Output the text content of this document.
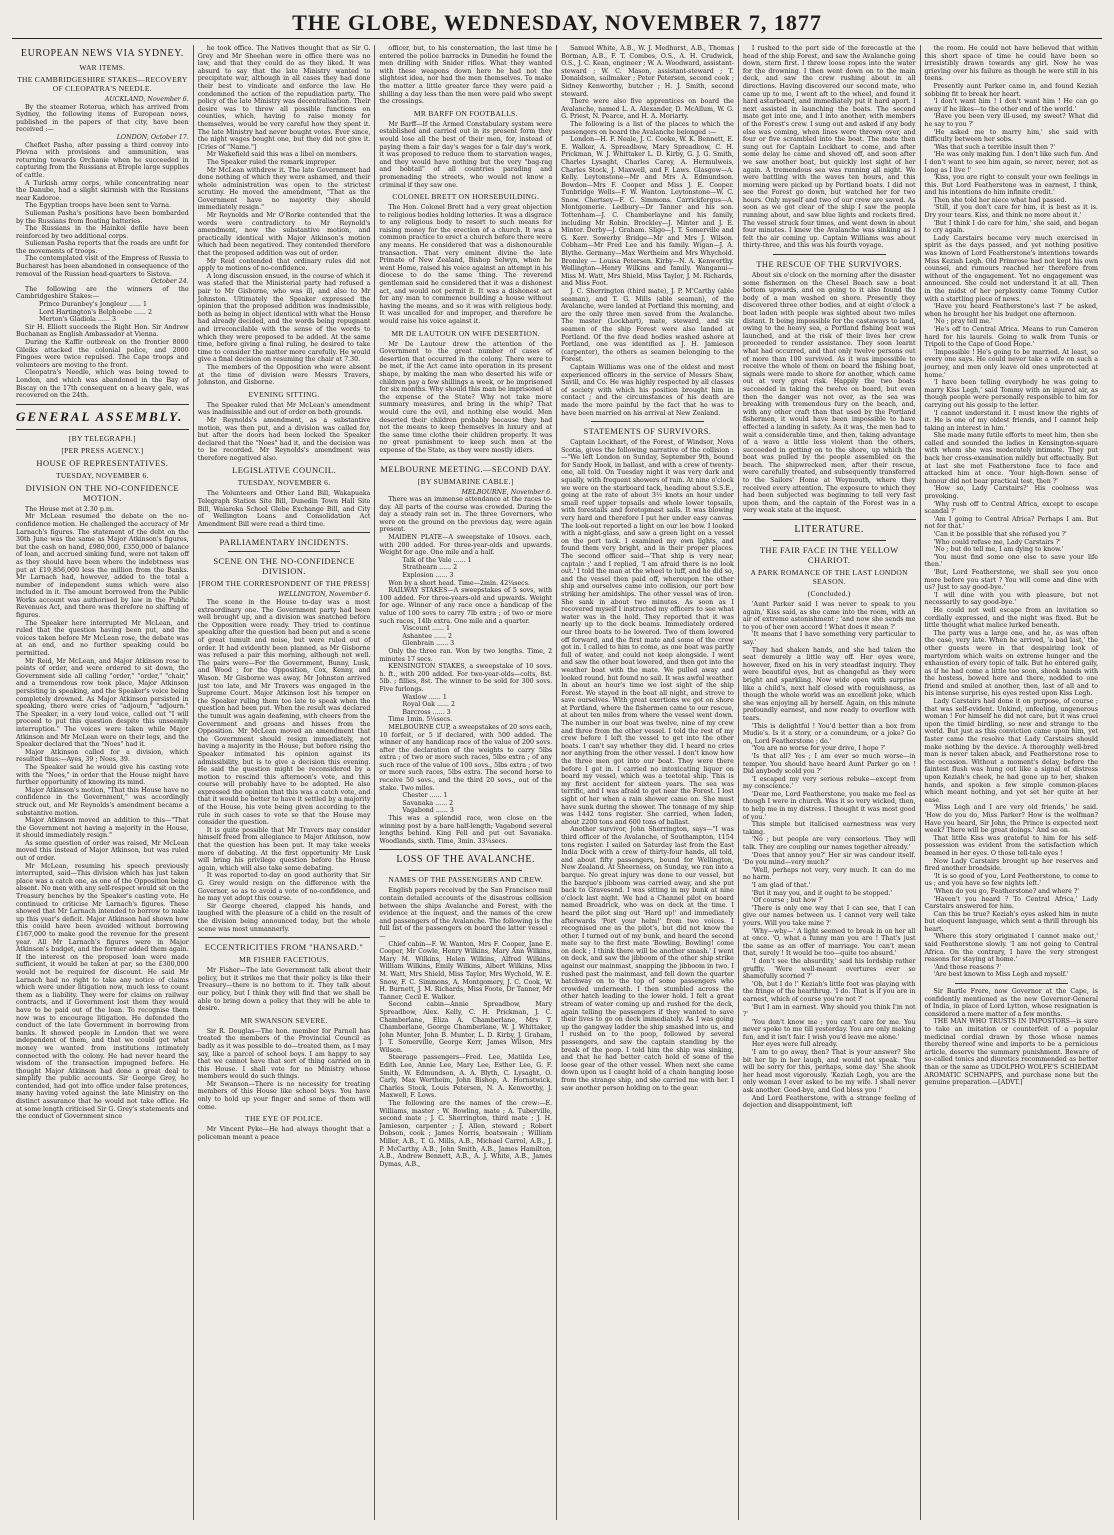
THE GLOBE, WEDNESDAY, NOVEMBER 7, 1877
EUROPEAN NEWS VIA SYDNEY.
WAR ITEMS.
THE CAMBRIDGESHIRE STAKES—RECOVERY OF CLEOPATRA'S NEEDLE.

AUCKLAND, November 6.

By the steamer Rotorua, which has arrived from Sydney, the following items of European news, published in the papers of that city, have been received :—

LONDON, October 17.

Chefket Pasha, after passing a third convoy into Plevna with provisions and ammunition, was returning towards Orchanie when he succeeded in capturing from the Russians at Etrople large supplies of cattle.

A Turkish army corps, while concentrating near the Danube, had a slight skirmish with the Russians near Kadoroe.

The Egyptian troops have been sent to Varna.

Sulieman Pasha's positions have been bombarded by the Russians from floating batteries.

The Russians in the Hainkoi defile have been reinforced by two additional corps.

Sulieman Pasha reports that the roads are unfit for the movements of troops.

The contemplated visit of the Empress of Russia to Bucharest has been abandoned in consequence of the removal of the Russian head-quarters to Sistova.

October 24.

The following are the winners of the Cambridgeshire Stakes:—

Prince Duranbey's Jongleur ...... 1

Lord Hartington's Belphoebe ...... 2

Merton's Gladiola ...... 3

Sir H. Elliott succeeds the Right Hon. Sir Andrew Buchanan as English Ambassador at Vienna.

During the Kaffir outbreak on the frontier 8000 Gileiks attacked the colonial police, and 2000 Fingoes were twice repulsed. The Cape troops and volunteers are moving to the front.

Cleopatra's Needle, which was being towed to London, and which was abandoned in the Bay of Biscay on the 17th consequent on a heavy gale, was recovered on the 24th.

GENERAL ASSEMBLY.
[BY TELEGRAPH.]
[PER PRESS AGENCY.]
HOUSE OF REPRESENTATIVES.
TUESDAY, NOVEMBER 6.
DIVISION ON THE NO-CONFIDENCE MOTION.

The House met at 2.30 p.m.

Mr McLean resumed the debate on the no-confidence motion. He challenged the accuracy of Mr Larnach's figures. The statement of the debt on the 30th June was the same as Major Atkinson's figures, but the cash on hand, £980,000, £350,000 of balance of loan, and accrued sinking fund, were not taken off as they should have been where the indebtness was put at £19,856,000 less the million from the Banks. Mr Larnach had, however, added to the total a number of independent sums which were also included in it. The amount borrowed from the Public Works account was authorised by law in the Public Revenues Act, and there was therefore no shifting of figures.

The Speaker here interrupted Mr McLean, and ruled that the question having been put, and the voices taken before Mr McLean rose, the debate was at an end, and no further speaking could be permitted.

Mr Reid, Mr McLean, and Major Atkinson rose to points of order, and were ordered to sit down, the Government side all calling "order," "order," "chair," and a tremendous row took place, Major Atkinson persisting in speaking, and the Speaker's voice being completely drowned. As Major Atkinson persisted in speaking, there were cries of "adjourn," "adjourn." The Speaker, in a very loud voice, called out "I will proceed to put this question despite this unseemly interruption." The voices were taken while Major Atkinson and Mr McLean were on their legs, and the Speaker declared that the "Noes" had it.

Major Atkinson called for a division, which resulted thus:—Ayes, 39 ; Noes, 39.

The Speaker said he would give his casting vote with the "Noes," in order that the House might have further opportunity of knowing its mind.

Major Atkinson's motion, "That this House have no confidence in the Government," was accordingly struck out, and Mr Reynolds's amendment became a substantive motion.

Major Atkinson moved an addition to this—"That the Government not having a majority in the House, it should immediately resign."

As some question of order was raised, Mr McLean moved this instead of Major Atkinson, but was ruled out of order.

Mr McLean, resuming his speech previously interrupted, said—This division which has just taken place was a catch one, as one of the Opposition being absent. No men with any self-respect would sit on the Treasury benches by the Speaker's casting vote. He continued to criticise Mr Larnach's figures. These showed that Mr Larnach intended to borrow to make up this year's deficit. Major Atkinson had shown how this could have been avoided without borrowing £167,000 to make good the revenue for the present year. All Mr Larnach's figures were in Major Atkinson's budget, and the former added them again. If the interest on the proposed loan were made sufficient, it would be taken at par, so the £300,000 would not be required for discount. He said Mr Larnach had no right to take any notice of claims which were under litigation now, much less to count them as a liability. They were for claims on railway contracts, and if Government lost them they would have to be paid out of the loan. To recognise them now was to encourage litigation. He defended the conduct of the late Government in borrowing from banks. It showed people in London that we were independent of them, and that we could get what money we wanted from institutions intimately connected with the colony. He had never heard the wisdom of the transaction impugned before. He thought Major Atkinson had done a great deal to simplify the public accounts. Sir George Grey, he contended, had got into office under false pretences, many having voted against the late Ministry on the distinct assurance that he would not take office. He at some length criticised Sir G. Grey's statements and the conduct of Government since

he took office. The Natives thought that as Sir G. Grey and Mr Sheehan were in office there was no law, and that they could do as they liked. It was absurd to say that the late Ministry wanted to precipitate war, although in all cases they had done their best to vindicate and enforce the law. He condemned the action of the repudiation party. The policy of the late Ministry was decentralisation. Their desire was to throw all possible functions on counties, which, having to raise money for themselves, would be very careful how they spent it. The late Ministry had never bought votes. Ever since, the night wages bought one, but they did not give it. [Cries of "Name."]

Mr Wakefield said this was a libel on members.

The Speaker ruled the remark improper.

Mr McLean withdrew it. The late Government had done nothing of which they were ashamed, and their whole administration was open to the strictest scrutiny. He moved the amendment, "That as the Government have no majority they should immediately resign."

Mr Reynolds and Mr O'Rorke contended that the words were contradictory to Mr Reynold's amendment, now the substantive motion, and practically identical with Major Atkinson's motion which had been negatived. They contended therefore that the proposed addition was out of order.

Mr Reid contended that ordinary rules did not apply to motions of no-confidence.

A long discussion ensued, in the course of which it was stated that the Ministerial party had refused a pair to Mr Gisborne, who was ill, and also to Mr Johnston. Ultimately the Speaker expressed the opinion that the proposed addition was inadmissible, both as being in object identical with what the House had already decided, and the words being repugnant and irreconcilable with the sense of the words to which they were proposed to be added. At the same time, before giving a final ruling, he desired to take time to consider the matter more carefully. He would give a final decision on resuming the chair at 7.30.

The members of the Opposition who were absent at the time of division were Messrs Travers, Johnston, and Gisborne.

EVENING SITTING.

The Speaker ruled that Mr McLean's amendment was inadmissible and out of order on both grounds.

Mr Reynolds's amendment, as a substantive motion, was then put, and a division was called for, but after the doors had been locked the Speaker declared that the "Noes" had it, and the decision was to be recorded. Mr Reynolds's amendment was therefore negatived also.

LEGISLATIVE COUNCIL.
TUESDAY, NOVEMBER 6.

The Volunteers and Other Land Bill, Wakapuaka Telegraph Station Site Bill, Dunedin Town Hall Site Bill, Waiareka School Glebe Exchange Bill, and City of Wellington Loans and Consolidation Act Amendment Bill were read a third time.

PARLIAMENTARY INCIDENTS.
SCENE ON THE NO-CONFIDENCE DIVISION.
[FROM THE CORRESPONDENT OF THE PRESS]

WELLINGTON, November 6.

The scene in the House to-day was a most extraordinary one. The Government party had been well brought up, and a division was snatched before the Opposition were ready. They tried to continue speaking after the question had been put and a scene of great tumult and noise, but were ruled out of order. It had evidently been planned, as Mr Gisborne was refused a pair this morning, although not well. The pairs were—For the Government, Bunny, Lusk, and Wood ; for the Opposition, Cox, Kenny, and Wason. Mr Gisborne was away, Mr Johnston arrived just too late, and Mr Travers was engaged in the Supreme Court. Major Atkinson lost his temper on the Speaker ruling them too late to speak when the question had been put. When the result was declared the tumult was again deafening, with cheers from the Government and groans and hisses from the Opposition. Mr McLean moved an amendment that the Government should resign immediately, not having a majority in the House, but before rising the Speaker intimated his opinion against its admissibility, but is to give a decision this evening. He said the question might be reconsidered by a motion to rescind this afternoon's vote, and this course will probably have to be adopted. He also expressed the opinion that this was a catch vote, and that it would be better to have it settled by a majority of the House, his vote being given according to the rule in such cases to vote so that the House may consider the question.

It is quite possible that Mr Travers may consider himself freed from allegiance to Major Atkinson, now that the question has been put. It may take weeks more of debating. At the first opportunity Mr Lusk will bring his privilege question before the House again, which will also take some debating.

It was reported to-day on good authority that Sir G. Grey would resign on the difference with the Governor, so as to avoid a vote of no-confidence, and he may yet adopt this course.

Sir George cheered, clapped his hands, and laughed with the pleasure of a child on the result of the division being announced today, but the whole scene was most unmannerly.

ECCENTRICITIES FROM "HANSARD."
MR FISHER FACETIOUS.

Mr Fisher—The late Government talk about their policy, but it strikes me that their policy is like their Treasury—there is no bottom to it. They talk about our policy, but I think they will find that we shall be able to bring down a policy that they will be able to desire.

MR SWANSON SEVERE.

Sir R. Douglas—The hon. member for Parnell has treated the members of the Provincial Council as badly as it was possible to do—treated them, as I may say, like a parcel of school boys. I am happy to say that we cannot have that sort of thing carried on in this House. I shall vote for no Ministry whose members would do such things.

Mr Swanson—There is no necessity for treating members of this House like school boys. You have only to hold up your finger and some of them will come.

THE EYE OF POLICE.

Mr Vincent Pyke—He had always thought that a policeman meant a peace

officer, but, to his consternation, the last time he entered the police barracks in Dunedin he found the men drilling with Snider rifles. What they wanted with these weapons down here he had not the slightest idea, nor had the men themselves. To make the matter a little greater farce they were paid a shilling a day less than the men were paid who swept the crossings.

MR BARFF ON FOOTBALLS.

Mr Barff—If the Armed Constabulary system were established and carried out in its present form they would lose all the best of their men, for, instead of paying them a fair day's wages for a fair day's work, it was proposed to reduce them to starvation wages, and they would have nothing but the very "bag-rag and bobtail" of all countries parading and promenading the streets, who would not know a criminal if they saw one.

COLONEL BRETT ON HORSEBUILDING.

The Hon. Colonel Brett had a very great objection to religious bodies holding lotteries. It was a disgrace to any religious body to resort to such means for raising money for the erection of a church. It was a common practice to erect a church before there were any means. He considered that was a dishonourable transaction. That very eminent divine the late Primate of New Zealand, Bishop Selwyn, when he went Home, raised his voice against an attempt in his diocese to do the same thing. The reverend gentleman said he considered that it was a dishonest act, and would not permit it. It was a dishonest act for any man to commence building a house without having the means, and so it was with religious body. It was uncalled for and improper, and therefore he would raise his voice against it.

MR DE LAUTOUR ON WIFE DESERTION.

Mr De Lautour drew the attention of the Government to the great number of cases of desertion that occurred in the colony. There were to be met, if the Act came into operation in its present shape, by making the man who deserted his wife or children pay a few shillings a week, or be imprisoned for six months. Why should this man be imprisoned at the expense of the State? Why not take more summary measures, and bring in the whip? That would cure the evil, and nothing else would. Men deserted their children probably because they had not the means to keep themselves in luxury and at the same time clothe their children properly. It was no great punishment to keep such men at the expense of the State, as they were mostly idlers.

MELBOURNE MEETING.—SECOND DAY.
[BY SUBMARINE CABLE.]

MELBOURNE, November 6.

There was an immense attendance at the races to-day. All parts of the course was crowded. During the day a steady rain set in. The three Governors, who were on the ground on the previous day, were again present.

MAIDEN PLATE—A sweepstake of 10sovs. each, with 200 added. For three-year-olds and upwards. Weight for age. One mile and a half.

Talk of the Vale ...... 1

Strathearn ...... 2

Explosion ...... 3

Won by a short head. Time—2min. 42¼secs.

RAILWAY STAKES—A sweepstakes of 5 sovs, with 100 added. For three-years-old and upwards. Weight for age. Winner of any race once a handicap of the value of 100 sovs to carry 7lb extra ; of two or more such races, 14lb extra. One mile and a quarter.

Viscount ...... 1

Ashantee ...... 2

Glenbrain ...... 3

Only the three ran. Won by two lengths. Time, 2 minutes 17 secs.

KENSINGTON STAKES, a sweepstake of 10 sovs. h. ft., with 200 added. For two-year-olds—colts, 8st. 5lb. ; fillies, 8st. The winner to be sold for 300 sovs. Five furlongs.

Waxlow ...... 1

Royal Oak ...... 2

Barcross ...... 3

Time 1min. 5¼secs.

MELBOURNE CUP, a sweepstakes of 20 sovs each, 10 forfeit, or 5 if declared, with 500 added. The winner of any handicap race of the value of 200 sovs. after the declaration of the weights to carry 5lbs extra ; of two or more such races, 5lbs extra ; of any such race of the value of 100 sovs., 5lbs extra ; of two or more such races, 5lbs extra. The second horse to receive 50 sovs., and the third 20 sovs., out of the stake. Two miles.

Chester ...... 1

Savanaka ...... 2

Vagabond ...... 3

This was a splendid race, won close on the winning post by a bare half-length; Vagabond several lengths behind. King Fell and put out Savanaka. Woodlands, sixth. Time, 3min. 33¼secs.

LOSS OF THE AVALANCHE.
NAMES OF THE PASSENGERS AND CREW.

English papers received by the San Francisco mail contain detailed accounts of the disastrous collision between the ships Avalanche and Forest, with the evidence at the inquest, and the names of the crew and passengers of the Avalanche. The following is the full list of the passengers on board the latter vessel :—

Chief cabin—F. W. Wanton, Mrs F. Cooper, Jane E. Cooper, Mr Cowle, Henry Wilkins, Mary Ann Wilkins, Mary M. Wilkins, Helen Wilkins, Alfred Wilkins, William Wilkins, Emily Wilkins, Albert Wilkins, Miss M. Watt, Mrs Shield, Miss Taylor, Mrs Wychold, W. E. Snow, F. C. Simmons, A. Montgomery, J. C. Cook, W. H. Burnett, J. M. Richards, Miss Foote, Dr Tanner, Mr Tanner, Cecil E. Walker.

Second cabin—Annie Spreadbow, Mary Spreadbow, Alex. Kelly, C. H. Prickman, J. C. Chamberlane, Eliza A. Chamberlane, Mrs T. Chamberlane, George Chamberlane, W. J. Whittaker, John Munter, John B. Munter, L. D. Kirby, J. Graham, J. T. Somerville, George Kerr, James Wilson, Mrs Wilson.

Steerage passengers—Fred. Lee, Matilda Lee, Edith Lee, Annie Lee, Mary Lee, Esther Lee, G. F. Smith, W. Edmundson, A. A. Blyth, C. Lysaght, O. Carly, Max Wertheim, John Bishop, A. Hornstwick, Charles Stock, Louis Petersen, N. A. Kenworthy, J. Maxwell, F. Lows.

The following are the names of the crew:—E. Williams, master ; W. Bowling, mate ; A. Tuberville, second mate ; J. C. Sherrington, third mate ; J. H. Jamieson, carpenter ; J. Allen, steward ; Robert Dobson, cook ; James Norris, boatswain ; William Miller, A.B., T. G. Mills, A.B., Michael Carrol, A.B., J. P. McCarthy, A.B., John Smith, A.B., James Hamilton, A.B., Andrew Bennett, A.B., A. J. White, A.B., James Dymas, A.B.,

Samuel White, A.B., W. J. Medhurst, A.B., Thomas Borman, A.B., F. T. Combes, O.S., A. H. Crudwick, O.S., J. C. Kean, engineer ; W. A. Woodward, assistant-steward ; W. C. Mason, assistant-steward ; T. Donaldson, sailmaker ; Peter Petersen, second cook ; Sidney Kenworthy, butcher ; H. J. Smith, second steward.

There were also five apprentices on board the Avalanche, named L. A. Alexander, D. McAllum, W. G. G. Priest, N. Pearce, and H. A. Moriarty.

The following is a list of the places to which the passengers on board the Avalanche belonged :—

London—H. F. Neale, J. C. Cooke, W. K. Bennett, E. E. Walker, A. Spreadbow, Mary Spreadbow, C. H. Prickman, W. J. Whittaker L. D. Kirby, G. J. G. Smith, Charles Lysaght, Charles Carey, A. Hermulweis, Charles Stock, J. Maxwell, and F. Laws. Glasgow—A. Kelly. Leytonstone—Mr and Mrs A. Edmundson. Bowdon—Mrs F. Cooper and Miss J. E. Cooper. Tunbridge Wells—F. W. Wanton. Leytonstone—W. C. Snow. Chertsey—F. C. Simmons. Carrickfergus—A. Montgomerie. Ledbury—Dr Tanner and his son. Tottenham—J. C. Chamberlayne and his family, including Mr Robin. Brockley—J. Minter and J. E. Minter. Derby—J. Graham. Sligo—J. T. Somerville and G. Kerr. Sowerby Bridge—Mr and Mrs J. Wilson. Cobham—Mr Fred Lee and his family. Wigan—J. A. Blythe. Germany—Max Wertheim and Mrs Whychold. Bromley — Louisa Petersen. Kirby—N. A. Kenworthy. Wellington—Henry Wilkins and family. Wanganui—Miss M. Watt, Mrs Shield, Miss Taylor, J. M. Richards, and Miss Foot.

J. C. Sherrington (third mate), J. P. M'Carthy (able seaman), and T. G. Mills (able seaman), of the Avalanche, were landed at Portland this morning, and are the only three men saved from the Avalanche. The master (Lockhart), mate, steward, and six seamen of the ship Forest were also landed at Portland. Of the five dead bodies washed ashore at Portland, one was identified as J. H. Jamieson (carpenter), the others as seamen belonging to the Forest.

Captain Williams was one of the oldest and most experienced officers in the service of Messrs Shaw, Savill, and Co. He was highly respected by all classes of society with which his position brought him in contact ; and the circumstances of his death are made the more painful by the fact that he was to have been married on his arrival at New Zealand.

STATEMENTS OF SURVIVORS.

Captain Lockhart, of the Forest, of Windsor, Nova Scotia, gives the following narrative of the collision :—"We left London on Sunday, September 9th, bound for Sandy Hook, in ballast, and with a crew of twenty-one, all told. On Tuesday night it was very dark and squally, with frequent showers of rain. At nine o'clock we were on the starboard tack, heading about S.S.E., going at the rate of about 3½ knots an hour under small reef upper topsails and whole lower topsails, with forestails and foretopmast sails. It was blowing very hard and therefore I put her under easy canvas. The look-out reported a light on our lee bow. I looked with a night-glass, and saw a green light on a vessel on the port tack. I examined my own lights, and found them very bright, and in their proper places. The second officer said—'That ship is very near, captain ;' and I replied, 'I am afraid there is no look out.' I told the man at the wheel to luff, and he did so, and the vessel then paid off, whereupon the other ship and ourselves came into collision, our port bow striking her amidships. The other vessel was of iron. She sank in about two minutes. As soon as I recovered myself I instructed my officers to see what water was in the hold. They reported that it was nearly up to the deck beams. Immediately ordered our three boats to be lowered. Two of them lowered off forward, and the first mate and some of the crew got in. I called to him to come, as one boat was partly full of water, and could not keep alongside. I went and saw the other boat lowered, and then got into the weather boat with the mate. We pulled away and looked round, but found no sail. It was awful weather. In about an hour's time we lost sight of the ship Forest. We stayed in the boat all night, and strove to save ourselves. With great exertions we got on shore at Portland, where the fishermen came to our rescue, at about ten miles from where the vessel went down. The number in our boat was twelve, nine of my crew and three from the other vessel. I told the rest of my crew before I left the vessel to get into the other boats. I can't say whether they did. I heard no cries nor anything from the other vessel. I don't know how the three men got into our boat. They were there before I got in. I carried no intoxicating liquor on board my vessel, which was a teetotal ship. This is my first accident for sixteen years. The sea was terrific, and I was afraid to get near the Forest. I lost sight of her when a rain shower came on. She must have sunk during the shower. The tonnage of my ship was 1442 tons register. She carried, when laden, about 2200 tons and 600 tons of ballast.

Another survivor, John Sherrington, says—"I was third officer of the Avalanche, of Southampton, 1154 tons register. I sailed on Saturday last from the East India Dock with a crew of thirty-four hands, all told, and about fifty passengers, bound for Wellington, New Zealand. At Sheerness, on Sunday, we ran into a barque. No great injury was done to our vessel, but the barque's jibboom was carried away, and she put back to Gravesend. I was sitting in my bunk at nine o'clock last night. We had a Channel pilot on board named Broadrick, who was on deck at the time. I heard the pilot sing out 'Hard up!' and immediately afterwards 'Port your helm!' from two voices. I recognised one as the pilot's, but did not know the other. I turned out of my bunk, and heard the second mate say to the first mate 'Bowling, Bowling! come on deck ; I think there will be another smash.' I went on deck, and saw the jibboom of the other ship strike against our mainmast, snapping the jibboom in two. I rushed past the mainmast, and fell down the quarter hatchway on to the top of some passengers who crowded underneath. I then stumbled across the other hatch leading to the lower hold. I felt a great stream of water coming up and rushed for the deck, again telling the passengers if they wanted to save their lives to go on deck immediately. As I was going up the gangway ladder the ship smashed into us, and I rushed on to the poop, followed by several passengers, and saw the captain standing by the break of the poop. I told him the ship was sinking, and that he had better catch hold of some of the loose gear of the other vessel. When next she came down upon us I caught hold of a chain hanging loose from the strange ship, and she carried me with her. I saw another person holding on to the gear.

I rushed to the port side of the forecastle at the head of the ship Forest, and saw the Avalanche going down, stern first. I threw loose ropes into the water for the drowning. I then went down on to the main deck, and saw the crew rushing about in all directions. Having discovered our second mate, who came up to me, I went aft to the wheel, and found it hard astarboard, and immediately put it hard aport. I next assisted in launching the boats. The second mate got into one, and I into another, with members of the Forest's crew. I sung out and asked if any body else was coming, when lines were thrown over, and four or five scrambled into the boat. The mate then sung out for Captain Lockhart to come, and after some delay he came and shoved off, and soon after we saw another boat, but quickly lost sight of her again. A tremendous sea was running all night. We were battling with the waves ten hours, and this morning were picked up by Portland boats. I did not see the Forest go down, but watched her for two hours. Only myself and two of our crew are saved. As soon as we got clear of the ship I saw the people running about, and saw blue lights and rockets fired. The vessel struck four times, and went down in about four minutes. I knew the Avalanche was sinking as I felt the air coming up. Captain Williams was about thirty-three, and this was his fourth voyage.

THE RESCUE OF THE SURVIVORS.

About six o'clock on the morning after the disaster some fishermen on the Chesel Beach saw a boat bottom upwards, and on going to it also found the body of a man washed on shore. Presently they discovered three other bodies, and at eight o'clock a boat laden with people was sighted about two miles distant. It being impossible for the castaways to land, owing to the heavy sea, a Portland fishing boat was launched, and at the risk of their lives her crew proceeded to render assistance. They soon learnt what had occurred, and that only twelve persons out of more than 100 survived. As it was impossible to receive the whole of them on board the fishing boat, signals were made to shore for another, which came out at very great risk. Happily the two boats succeeded in taking the twelve on board, but even then the danger was not over, as the sea was breaking with tremendous fury on the beach, and, with any other craft than that used by the Portland fishermen, it would have been impossible to have effected a landing in safety. As it was, the men had to wait a considerable time, and then, taking advantage of a wave a little less violent than the others, succeeded in getting on to the shore, up which the boat was pulled by the people assembled on the beach. The shipwrecked men, after their rescue, were carefully treated, and subsequently transferred to the Sailors' Home at Weymouth, where they received every attention. The exposure to which they had been subjected was beginning to tell very fast upon them, and the captain of the Forest was in a very weak state at the inquest.

LITERATURE.
THE FAIR FACE IN THE YELLOW CHARIOT.
A PARK ROMANCE OF THE LAST LONDON SEASON.
(Concluded.)

'Aunt Parker said I was never to speak to you again,' Kiss said, as she came into the room, with an air of extreme astonishment ; 'and now she sends me to you of her own accord ! What does it mean ?'

'It means that I have something very particular to say.'

They had shaken hands, and she had taken the seat demurely a little way off. Her eyes were, however, fixed on his in very steadfast inquiry. They were beautiful eyes, but as changeful as they were bright and sparkling. Now wide open with surprise like a child's, next half closed with roguishness, as though the whole world was an excellent joke, which she was enjoying all by herself. Again, on this minute profoundly earnest, and now ready to overflow with tears.

'This is delightful ! You'd better than a box from Mudie's. Is it a story, or a conundrum, or a joke? Go on, Lord Featherstone ; do.'

'You are no worse for your drive, I hope ?'

'Is that all? Yes ; I am ever so much worse—in temper. You should have heard Aunt Parker go on ! Did anybody scold you ?'

'I escaped my very serious rebuke—except from my conscience.'

'Dear me, Lord Featherstone, you make me feel as though I were in church. Was it so very wicked, then, to help me in my distress. I thought it was most good of you.'

This simple but italicised earnestness was very taking.

'No ; but people are very censorious. They will talk. They are coupling our names together already.'

'Does that annoy you?' Her sir was candour itself. 'Do you mind—very much?'

'Well, perhaps not very, very much. It can do me no harm.'

'I am glad of that.'

'But it may you, and it ought to be stopped.'

'Of course ; but how ?'

'There is only one way that I can see, that I can give our names between us. I cannot very well take yours. Will you take mine ?'

'Why—why—' A light seemed to break in on her all at once. 'O, what a funny man you are ! That's just the same as an offer of marriage. You can't mean that, surely ! It would be too—quite too absurd.'

'I don't see the absurdity,' said his lordship rather gruffly. 'Were well-meant overtures ever so shamefully scorned ?'

'Oh, but I do !' Keziah's little foot was playing with the fringe of the hearthrug. 'I do. That is if you are in earnest, which of course you're not ?'

'But I am in earnest. Why should you think I'm not ?'

'You don't know me ; you can't care for me. You never spoke to me till yesterday. You are only making fun, and it isn't fair. I wish you'd leave me alone.'

Her eyes were full already.

'I am to go away, then? That is your answer? She bit her lip in her laugh, and would not speak. 'You will be sorry for this, perhaps, some day.' She shook her head most vigorously. 'Keziah Legh, you are the only woman I ever asked to be my wife. I shall never ask another. Good-bye, and God bless you !'

And Lord Featherstone, with a strange feeling of dejection and disappointment, left

the room. He could not have believed that within this short space of time he could have been so irresistibly drawn towards any girl. Now he was grieving over his failure as though he were still in his teens.

Presently aunt Parker came in, and found Keziah sobbing fit to break her heart.

'I don't want him ! I don't want him ! He can go away if he likes—to the other end of the world.'

'Have you been very ill-used, my sweet? What did he say to you ?'

'He asked me to marry him,' she said with difficulty between her sobs.

'Was that such a terrible insult then ?'

'He was only making fun. I don't like such fun. And I don't want to see him again, so never, never, not as long as I live !'

'Kiss, you are right to consult your own feelings in this. But Lord Featherstone was in earnest, I think, and his intentions do him infinite credit.'

Then she told her niece what had passed.

'Still, if you don't care for him, it is best as it is. Dry your tears. Kiss, and think no more about it.'

'But I think I do care for him,' she said, and began to cry again.

Lady Carstairs became very much exercised in spirit as the days passed, and yet nothing positive was known of Lord Featherstone's intentions towards Miss Keziah Legh. Old Primrose had not kept his own counsel, and rumours reached her therefore from without of the engagement. Yet no engagement was announced. She could not understand it at all. Then in the midst of her perplexity came Tommy Cutler with a startling piece of news.

'Have you heard Featherstone's last ?' he asked, when he brought her his budget one afternoon.

'No ; pray tell me.'

'He's off to Central Africa. Means to run Cameron hard for his laurels. Going to walk from Tunis or Tripoli to the Cape of Good Hope.'

'Impossible ! He's going to be married. At least, so every one says. He could never take a wife on such a journey, and men only leave old ones unprotected at home.'

'I have been telling everybody he was going to marry Kiss Legh,' said Tommy with an injured air, as though people were personally responsible to him for carrying out his gossip to the letter.

'I cannot understand it. I must know the rights of it. He is one of my oldest friends, and I cannot help taking an interest in him.'

She made many futile efforts to meet him, then she called and sounded the ladies in Kensington-square with whom she was moderately intimate. They put back her cross-examination mildly but effectually. But at last she met Featherstone face to face and attacked him at once. 'Your high-flown sense of honour did not bear practical test, then ?'

'How so, Lady Carstairs?' His coolness was provoking.

'Why rush off to Central Africa, except to escape scandal ?'

'Am I going to Central Africa? Perhaps I am. But not for that.'

'Can it be possible that she refused you ?'

'Who could refuse me, Lady Carstairs ?'

'No ; but do tell me, I am dying to know.'

'You must find some one else to save your life then.'

'But, Lord Featherstone, we shall see you once more before you start ? You will come and dine with us? Just to say good-bye.'

'I will dine with you with pleasure, but not necessarily to say good-bye.'

He could not well escape from an invitation so cordially expressed, and the night was fixed. But he little thought what malice lurked beneath.

The party was a large one, and he, as was often the case, very late. When he arrived, 'a bad last,' the other guests were in that despairing look of martyrdom which waits on extreme hunger and the exhaustion of every topic of talk. But he entered gaily, as if he had come a little too soon, shook hands with the hostess, bowed here and there, nodded to one friend and smiled at another, then, last of all and to his intense surprise, his eyes rested upon Kiss Legh.

Lady Carstairs had done it on purpose, of course ; that was self-evident. Unkind, unfeeling, ungenerous woman ! For himself he did not care, but it was cruel upon the timid birdling, so new and strange to the world. But just as this conviction came upon him, yet faster came the resolve that Lady Carstairs should make nothing by the device. A thoroughly well-bred man is never taken aback, and Featherstone rose to the occasion. Without a moment's delay, before the faintest flush was hung out like a signal of distress upon Keziah's cheek, he had gone up to her, shaken hands, and spoken a few simple common-places which meant nothing, and yet set her quite at her ease.

'Miss Legh and I are very old friends,' he said. 'How do you do, Miss Parker? How is the wolfman? Have you heard, Sir John, the Prince is expected next week? There will be great doings.' And so on.

That little Kiss was grateful to him for his self-possession was evident from the satisfaction which beamed in her eyes. O those tell-tale eyes !

Now Lady Carstairs brought up her reserves and fired another broadside.

'It is so good of you, Lord Featherstone, to come to us ; and you have so few nights left.'

'When do you go, Featherstone? and where ?'

'Haven't you heard ? To Central Africa,' Lady Carstairs answered for him.

Can this be true? Keziah's eyes asked him in mute but eloquent language, which sent a thrill through his heart.

'Where this story originated I cannot make out,' said Featherstone slowly. 'I am not going to Central Africa. On the contrary, I have the very strongest reasons for staying at home.'

'And those reasons ?'

'Are best known to Miss Legh and myself.'

Sir Bartle Frere, now Governor at the Cape, is confidently mentioned as the new Governor-General of India, in place of Lord Lytton, whose resignation is considered a mere matter of a few months.

THE MAN WHO TRUSTS IN IMPOSTORS—is sure to take an imitation or counterfeit of a popular medicinal cordial drawn by those whose names thereby thereof wine and imports to be a pernicious article, deserve the summary punishment. Beware of so-called tonics and diuretics recommended as better than or the same as UDOLPHO WOLFE'S SCHIEDAM AROMATIC SCHNAPPS, and purchase none but the genuine preparation.—[ADVT.]
